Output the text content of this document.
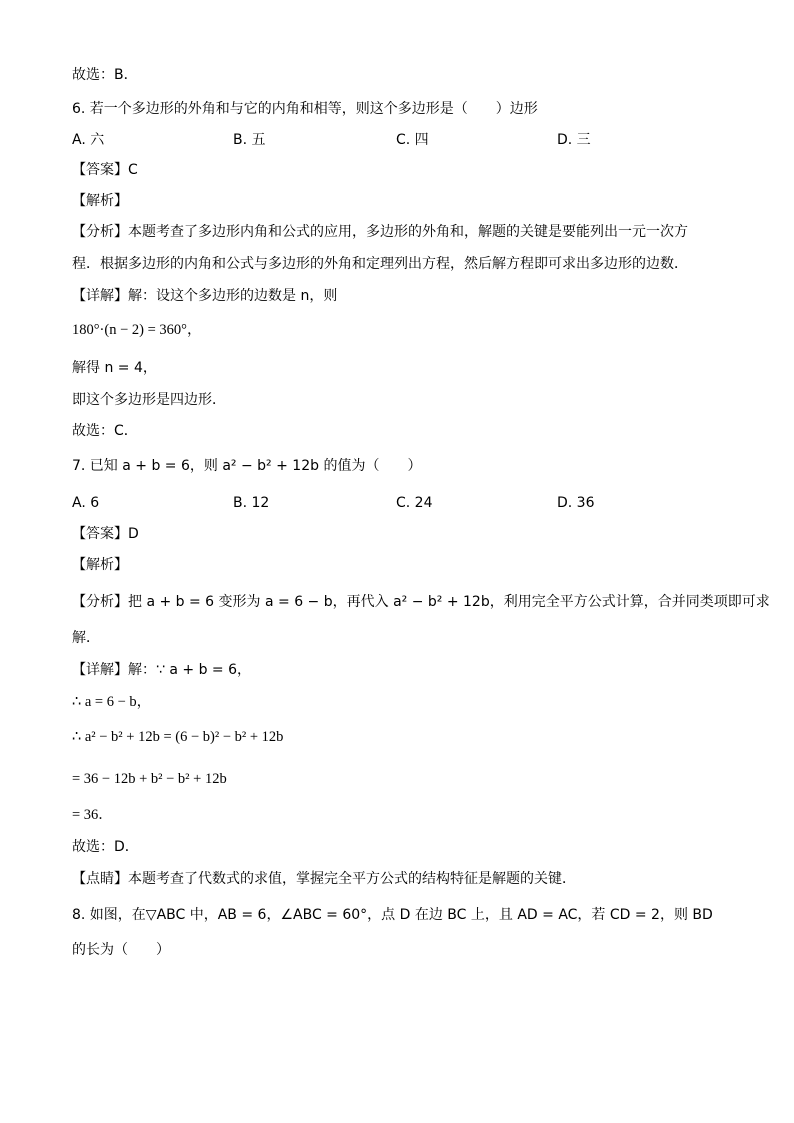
故选：B．
6. 若一个多边形的外角和与它的内角和相等，则这个多边形是（　　）边形
A. 六	B. 五	C. 四	D. 三
【答案】C
【解析】
【分析】本题考查了多边形内角和公式的应用，多边形的外角和，解题的关键是要能列出一元一次方
程．根据多边形的内角和公式与多边形的外角和定理列出方程，然后解方程即可求出多边形的边数．
【详解】解：设这个多边形的边数是 n，则
180°·(n − 2) = 360°，
解得 n = 4，
即这个多边形是四边形．
故选：C．
7. 已知 a + b = 6，则 a² − b² + 12b 的值为（　　）
A. 6	B. 12	C. 24	D. 36
【答案】D
【解析】
【分析】把 a + b = 6 变形为 a = 6 − b，再代入 a² − b² + 12b，利用完全平方公式计算，合并同类项即可求
解．
【详解】解：∵ a + b = 6，
∴ a = 6 − b，
∴ a² − b² + 12b = (6 − b)² − b² + 12b
= 36 − 12b + b² − b² + 12b
= 36．
故选：D．
【点睛】本题考查了代数式的求值，掌握完全平方公式的结构特征是解题的关键．
8. 如图，在▽ABC 中，AB = 6，∠ABC = 60°，点 D 在边 BC 上，且 AD = AC，若 CD = 2，则 BD
的长为（　　）
